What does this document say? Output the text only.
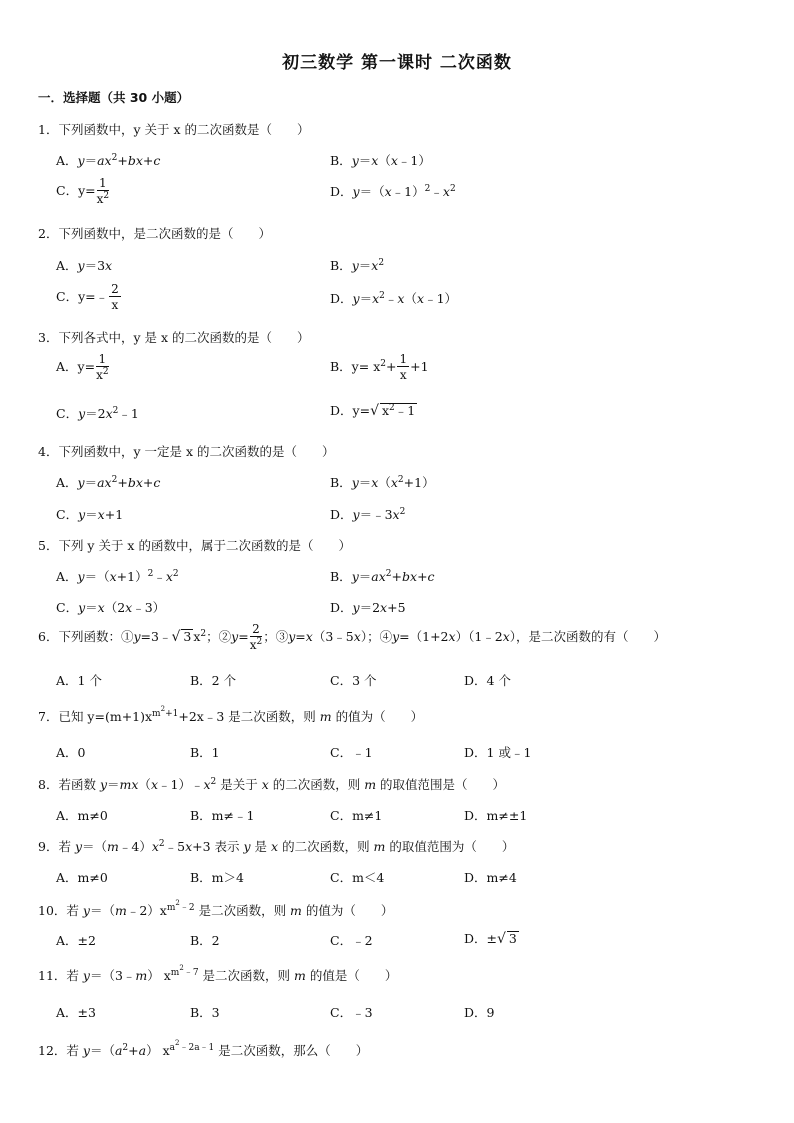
初三数学 第一课时 二次函数
一．选择题（共 30 小题）
1．下列函数中，y 关于 x 的二次函数是（　　）
A．$y=ax^2+bx+c$	B．y＝x（x﹣1）
C．$y= \frac{1}{x^2}$	D．$y=(x﹣1)^2﹣x^2$
2．下列函数中，是二次函数的是（　　）
A．y＝3x	B．$y=x^2$
C．y=﹣ $\frac{2}{x}$	D．$y=x^2﹣x(x﹣1)$
3．下列各式中，y 是 x 的二次函数的是（　　）
A．$y= \frac{1}{x^2}$	B．$y= x^2+ \frac{1}{x} +1$
C．$y=2x^2﹣1$	D．y=√ $x^2﹣1$
4．下列函数中，y 一定是 x 的二次函数的是（　　）
A．$y=ax^2+bx+c$	B．$y=x(x^2+1)$
C．y＝x+1	D．$y=﹣3x^2$
5．下列 y 关于 x 的函数中，属于二次函数的是（　　）
A．$y=(x+1)^2﹣x^2$	B．$y=ax^2+bx+c$
C．y＝x（2x﹣3）	D．y＝2x+5
6．下列函数：①y=3﹣√ 3 $x^2$；②y= $\frac{2}{x^2}$ ；③y=x（3﹣5x）；④y=（1+2x）（1﹣2x），是二次函数的有（　　）
A．1 个	B．2 个	C．3 个	D．4 个
7．已知 $y=(m+1)x^{m^2+1}+2x﹣3$ 是二次函数，则 m 的值为（　　）
A．0	B．1	C．﹣1	D．1 或﹣1
8．若函数 $y=mx(x﹣1)﹣x^2$ 是关于 x 的二次函数，则 m 的取值范围是（　　）
A．m≠0	B．m≠﹣1	C．m≠1	D．m≠±1
9．若 $y=(m﹣4)x^2﹣5x+3$ 表示 y 是 x 的二次函数，则 m 的取值范围为（　　）
A．m≠0	B．m＞4	C．m＜4	D．m≠4
10．若 $y=(m﹣2)x^{m^2﹣2}$ 是二次函数，则 m 的值为（　　）
A．±2	B．2	C．﹣2	D．±√ 3
11．若 y＝（3﹣m） $x^{m^2﹣7}$ 是二次函数，则 m 的值是（　　）
A．±3	B．3	C．﹣3	D．9
12．若 $y=(a^2+a)$ $x^{a^2﹣2a﹣1}$ 是二次函数，那么（　　）
